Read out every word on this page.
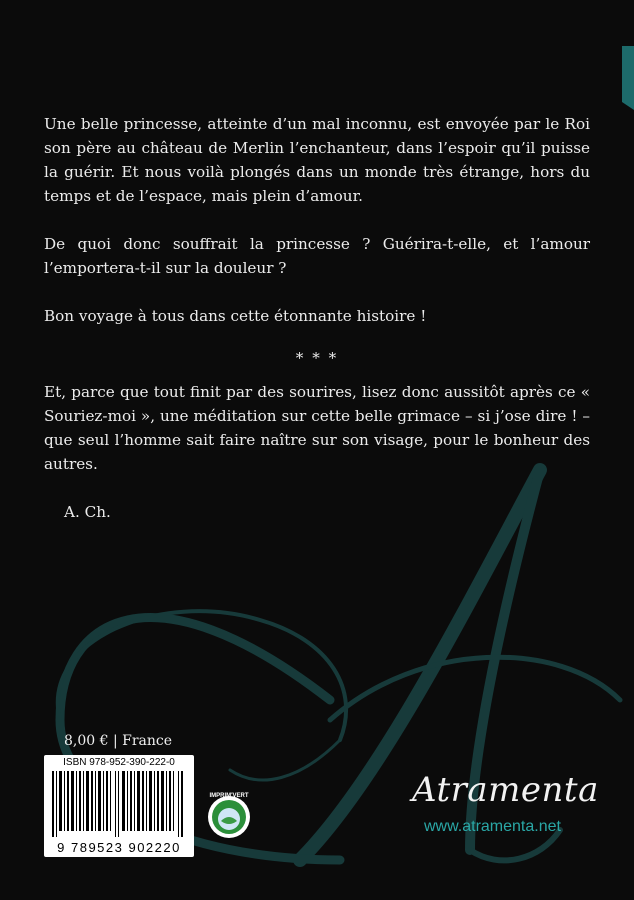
Une belle princesse, atteinte d’un mal inconnu, est envoyée par le Roi son père au château de Merlin l’enchanteur, dans l’espoir qu’il puisse la guérir. Et nous voilà plongés dans un monde très étrange, hors du temps et de l’espace, mais plein d’amour.

De quoi donc souffrait la princesse ? Guérira-t-elle, et l’amour l’emportera-t-il sur la douleur ?

Bon voyage à tous dans cette étonnante histoire !

* * *

Et, parce que tout finit par des sourires, lisez donc aussitôt après ce « Souriez-moi », une méditation sur cette belle grimace – si j’ose dire ! – que seul l’homme sait faire naître sur son visage, pour le bonheur des autres.

A. Ch.
8,00 € | France
ISBN 978-952-390-222-0
9 789523 902220
IMPRIM'VERT	Atramenta
www.atramenta.net
